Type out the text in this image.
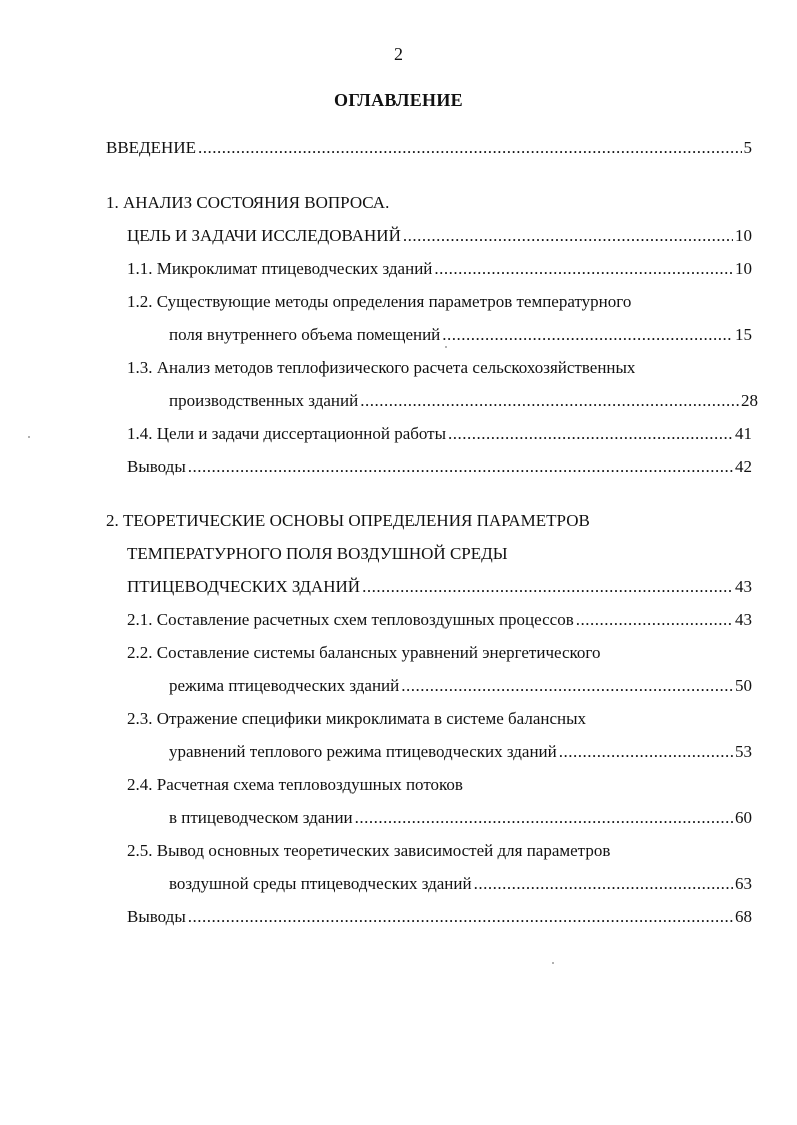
2
ОГЛАВЛЕНИЕ
ВВЕДЕНИЕ .....	5
1. АНАЛИЗ СОСТОЯНИЯ ВОПРОСА.
ЦЕЛЬ И ЗАДАЧИ ИССЛЕДОВАНИЙ .....	10
1.1. Микроклимат птицеводческих зданий .....	10
1.2. Существующие методы определения параметров температурного
поля внутреннего объема помещений .....	15
1.3. Анализ методов теплофизического расчета сельскохозяйственных
производственных зданий .....	28
1.4. Цели и задачи диссертационной работы .....	41
Выводы .....	42
2. ТЕОРЕТИЧЕСКИЕ ОСНОВЫ ОПРЕДЕЛЕНИЯ ПАРАМЕТРОВ
ТЕМПЕРАТУРНОГО ПОЛЯ ВОЗДУШНОЙ СРЕДЫ
ПТИЦЕВОДЧЕСКИХ ЗДАНИЙ .....	43
2.1. Составление расчетных схем тепловоздушных процессов .....	43
2.2. Составление системы балансных уравнений энергетического
режима птицеводческих зданий .....	50
2.3. Отражение специфики микроклимата в системе балансных
уравнений теплового режима птицеводческих зданий .....	53
2.4. Расчетная схема тепловоздушных потоков
в птицеводческом здании .....	60
2.5. Вывод основных теоретических зависимостей для параметров
воздушной среды птицеводческих зданий .....	63
Выводы .....	68
